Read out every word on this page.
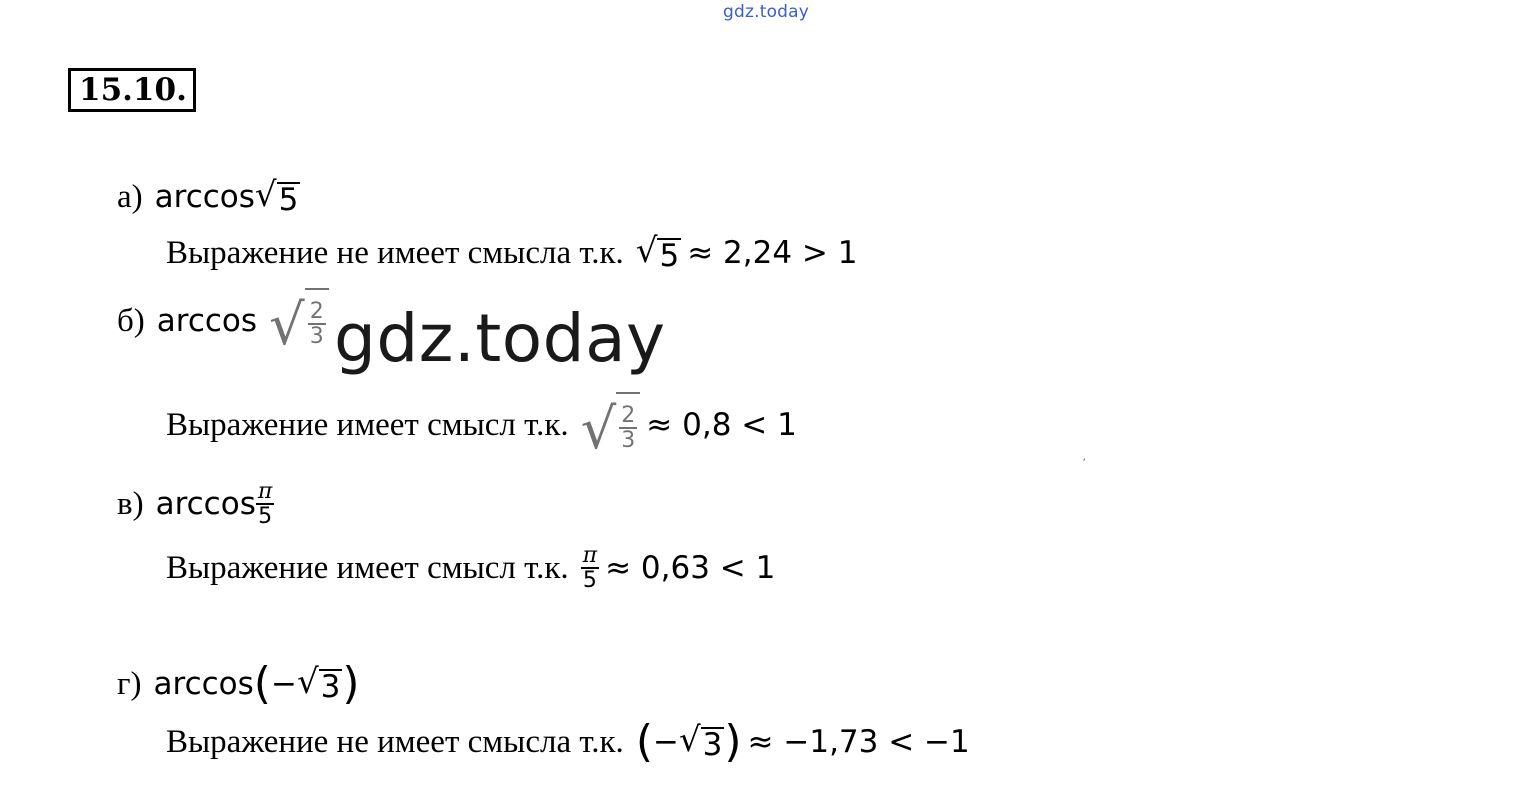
gdz.today
15.10.
а) arccos √ 5
Выражение не имеет смысла т.к. √ 5 ≈ 2,24 > 1
б) arccos √ $\frac{2}{3}$ gdz.today
Выражение имеет смысл т.к. √ $\frac{2}{3} \approx 0,8 < 1$
′
в) $\arccos \frac{\pi}{5}$
Выражение имеет смысл т.к. $\frac{\pi}{5} \approx 0,63 < 1$
г) arccos ( − √ 3 )
Выражение не имеет смысла т.к. ( − √ 3 ) ≈ −1,73 < −1
